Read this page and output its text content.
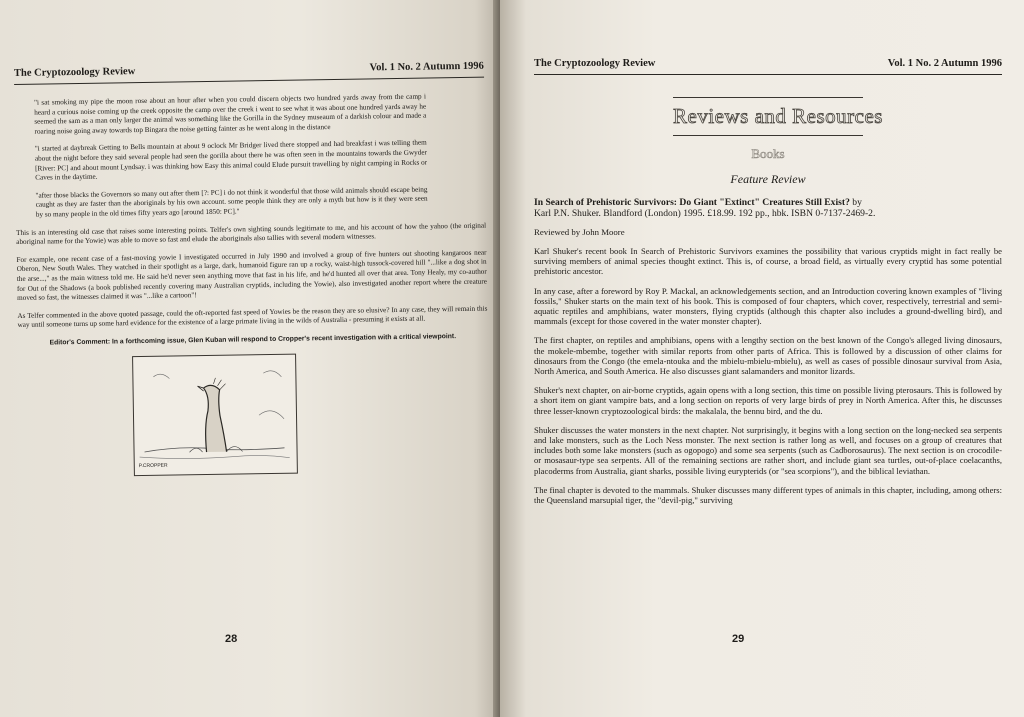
The Cryptozoology Review	Vol. 1 No. 2 Autumn 1996

"i sat smoking my pipe the moon rose about an hour after when you could discern objects two hundred yards away from the camp i heard a curious noise coming up the creek opposite the camp over the creek i went to see what it was about one hundred yards away he seemed the sam as a man only larger the animal was something like the Gorilla in the Sydney museaum of a darkish colour and made a roaring noise going away towards top Bingara the noise getting fainter as he went along in the distance

"i started at daybreak Getting to Bells mountain at about 9 oclock Mr Bridger lived there stopped and had breakfast i was telling them about the night before they said several people had seen the gorilla about there he was often seen in the mountains towards the Gwyder [River: PC] and about mount Lyndsay. i was thinking how Easy this animal could Elude pursuit travelling by night camping in Rocks or Caves in the daytime.

"after those blacks the Governors so many out after them [?: PC] i do not think it wonderful that those wild animals should escape being caught as they are faster than the aboriginals by his own account. some people think they are only a myth but how is it they were seen by so many people in the old times fifty years ago [around 1850: PC]."

This is an interesting old case that raises some interesting points. Telfer's own sighting sounds legitimate to me, and his account of how the yahoo (the original aboriginal name for the Yowie) was able to move so fast and elude the aboriginals also tallies with several modern witnesses.

For example, one recent case of a fast-moving yowie I investigated occurred in July 1990 and involved a group of five hunters out shooting kangaroos near Oberon, New South Wales. They watched in their spotlight as a large, dark, humanoid figure ran up a rocky, waist-high tussock-covered hill "...like a dog shot in the arse...," as the main witness told me. He said he'd never seen anything move that fast in his life, and he'd hunted all over that area. Tony Healy, my co-author for Out of the Shadows (a book published recently covering many Australian cryptids, including the Yowie), also investigated another report where the creature moved so fast, the witnesses claimed it was "...like a cartoon"!

As Telfer commented in the above quoted passage, could the oft-reported fast speed of Yowies be the reason they are so elusive? In any case, they will remain this way until someone turns up some hard evidence for the existence of a large primate living in the wilds of Australia - presuming it exists at all.

Editor's Comment: In a forthcoming issue, Glen Kuban will respond to Cropper's recent investigation with a critical viewpoint.
P.CROPPER
28
The Cryptozoology Review	Vol. 1 No. 2 Autumn 1996
Reviews and Resources
Books
Feature Review
In Search of Prehistoric Survivors: Do Giant "Extinct" Creatures Still Exist? by
Karl P.N. Shuker. Blandford (London) 1995. £18.99. 192 pp., hbk. ISBN 0-7137-2469-2.
Reviewed by John Moore

Karl Shuker's recent book In Search of Prehistoric Survivors examines the possibility that various cryptids might in fact really be surviving members of animal species thought extinct. This is, of course, a broad field, as virtually every cryptid has some potential prehistoric ancestor.

In any case, after a foreword by Roy P. Mackal, an acknowledgements section, and an Introduction covering known examples of "living fossils," Shuker starts on the main text of his book. This is composed of four chapters, which cover, respectively, terrestrial and semi-aquatic reptiles and amphibians, water monsters, flying cryptids (although this chapter also includes a ground-dwelling bird), and mammals (except for those covered in the water monster chapter).

The first chapter, on reptiles and amphibians, opens with a lengthy section on the best known of the Congo's alleged living dinosaurs, the mokele-mbembe, together with similar reports from other parts of Africa. This is followed by a discussion of other claims for dinosaurs from the Congo (the emela-ntouka and the mbielu-mbielu-mbielu), as well as cases of possible dinosaur survival from Asia, North America, and South America. He also discusses giant salamanders and monitor lizards.

Shuker's next chapter, on air-borne cryptids, again opens with a long section, this time on possible living pterosaurs. This is followed by a short item on giant vampire bats, and a long section on reports of very large birds of prey in North America. After this, he discusses three lesser-known cryptozoological birds: the makalala, the bennu bird, and the du.

Shuker discusses the water monsters in the next chapter. Not surprisingly, it begins with a long section on the long-necked sea serpents and lake monsters, such as the Loch Ness monster. The next section is rather long as well, and focuses on a group of creatures that includes both some lake monsters (such as ogopogo) and some sea serpents (such as Cadborosaurus). The next section is on crocodile- or mosasaur-type sea serpents. All of the remaining sections are rather short, and include giant sea turtles, out-of-place coelacanths, placoderms from Australia, giant sharks, possible living eurypterids (or "sea scorpions"), and the biblical leviathan.

The final chapter is devoted to the mammals. Shuker discusses many different types of animals in this chapter, including, among others: the Queensland marsupial tiger, the "devil-pig," surviving

29
